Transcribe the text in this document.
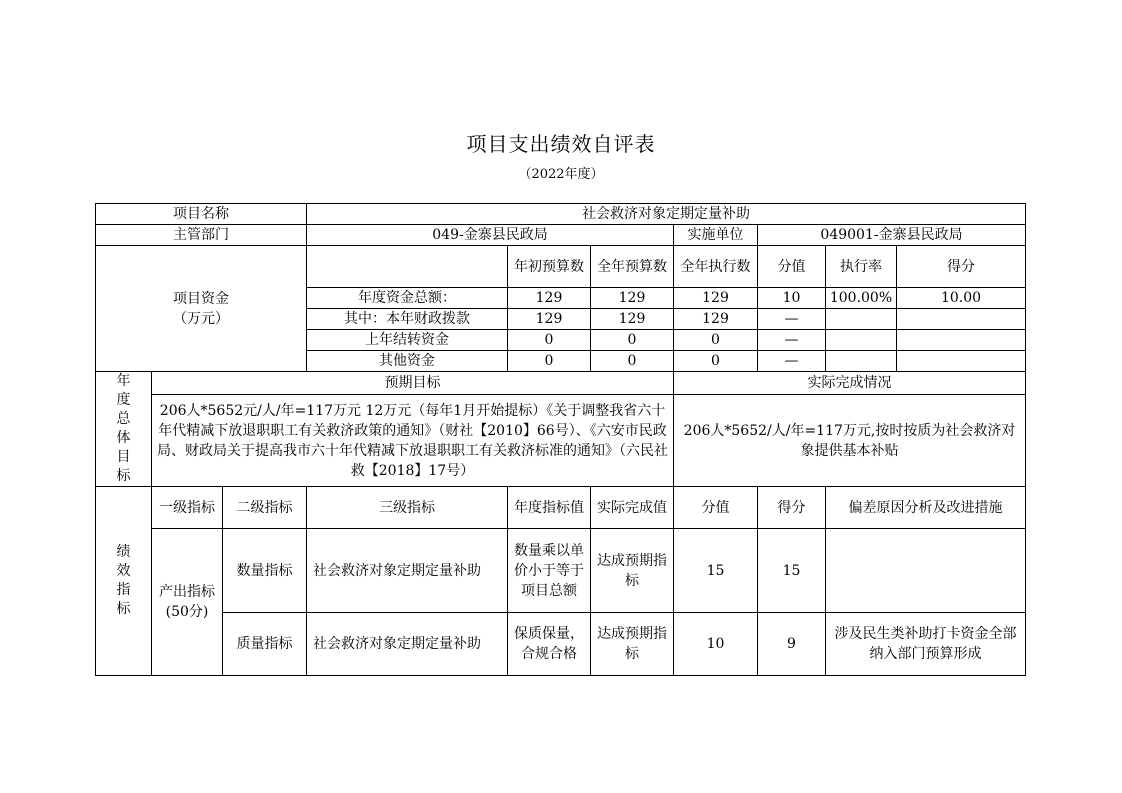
项目支出绩效自评表
（2022年度）
项目名称			社会救济对象定期定量补助						
主管部门			049-金寨县民政局			实施单位	049001-金寨县民政局		

项目资金
（万元）				年初预算数	全年预算数	全年执行数	分值	执行率	得分
			年度资金总额：	129	129	129	10	100.00%	10.00
			其中：本年财政拨款	129	129	129	—		
			上年结转资金	0	0	0	—		
			其他资金	0	0	0	—		

年度总体目标	预期目标					实际完成情况			
	206人*5652元/人/年=117万元 12万元（每年1月开始提标）《关于调整我省六十年代精减下放退职职工有关救济政策的通知》（财社【2010】66号）、《六安市民政局、财政局关于提高我市六十年代精减下放退职职工有关救济标准的通知》（六民社救【2018】17号）					206人*5652/人/年=117万元,按时按质为社会救济对象提供基本补贴			

绩效指标	一级指标	二级指标	三级指标	年度指标值	实际完成值	分值	得分	偏差原因分析及改进措施	
	产出指标(50分)	数量指标	社会救济对象定期定量补助	数量乘以单价小于等于项目总额	达成预期指标	15	15		
		质量指标	社会救济对象定期定量补助	保质保量，合规合格	达成预期指标	10	9	涉及民生类补助打卡资金全部纳入部门预算形成	
